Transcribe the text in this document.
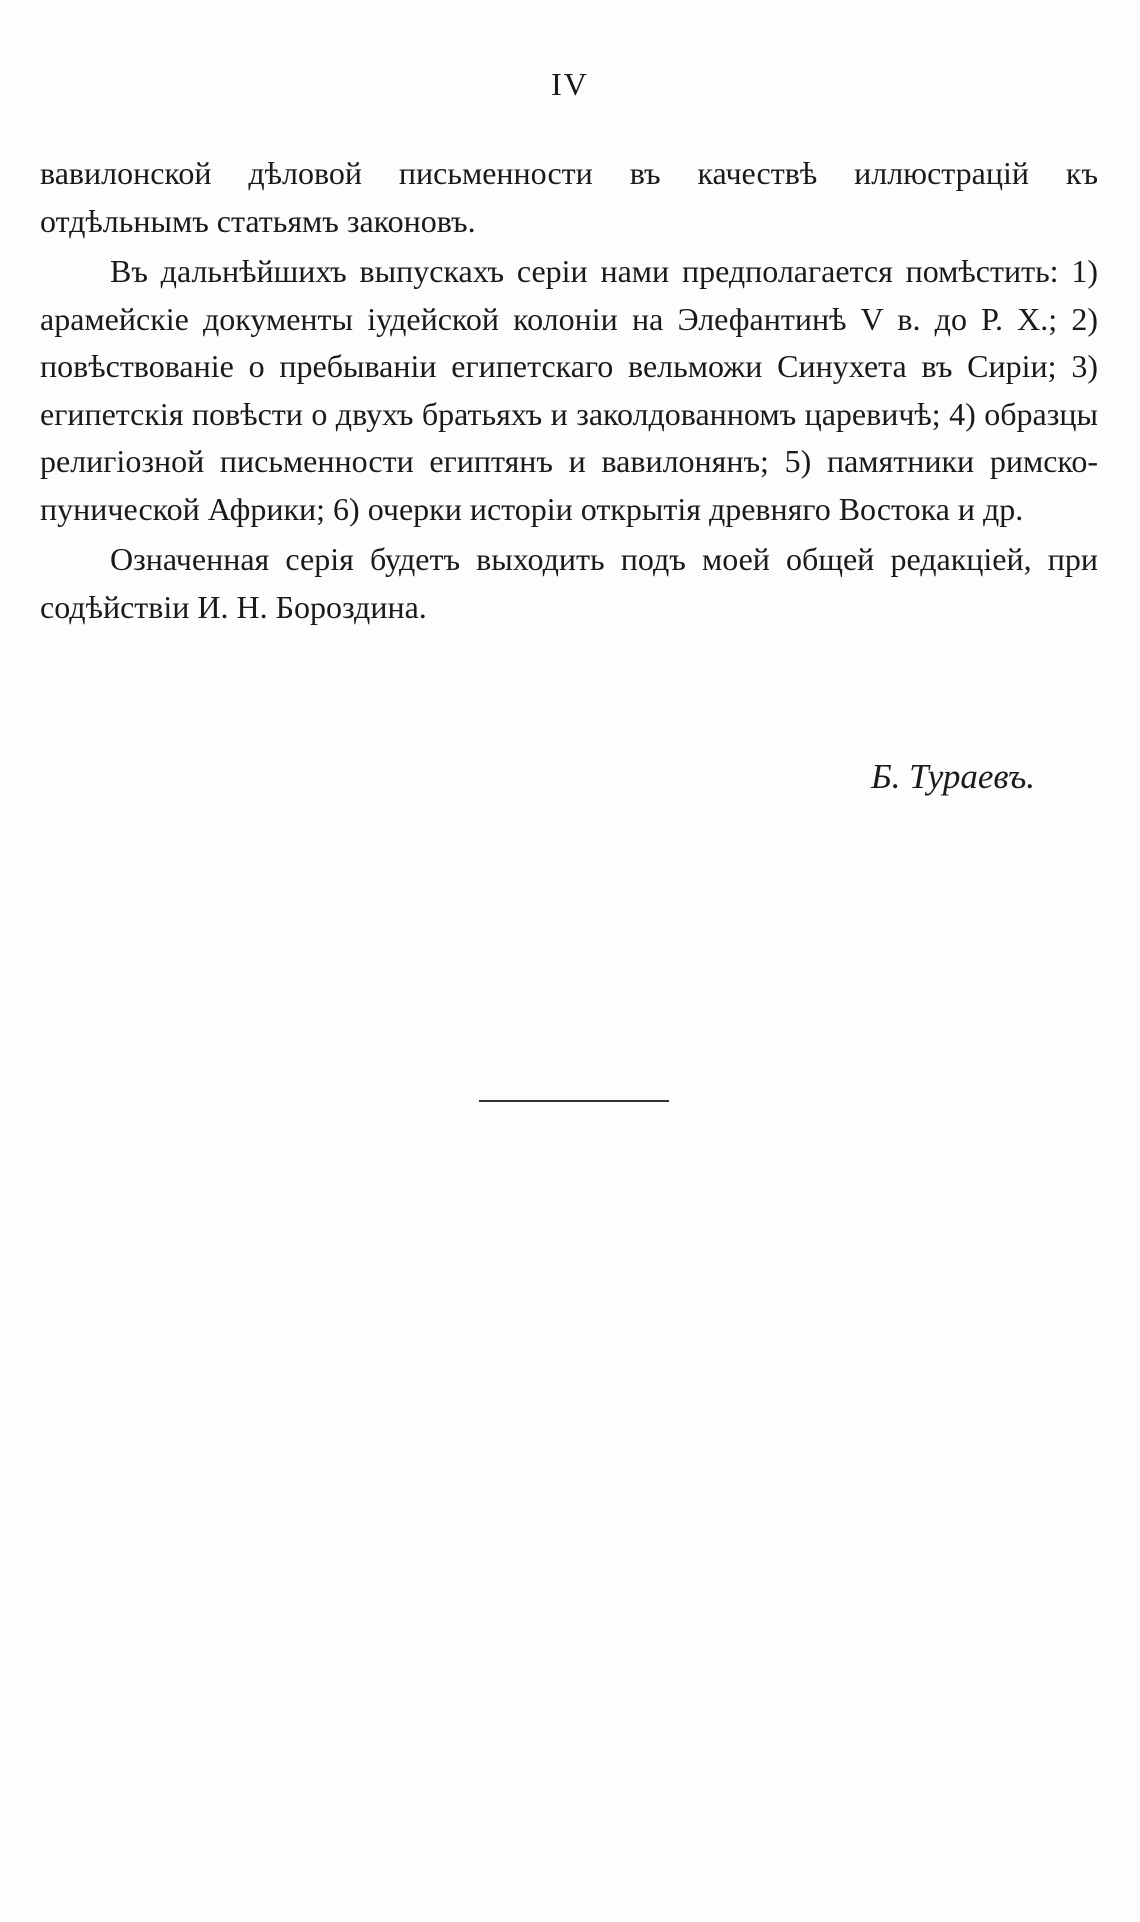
IV

вавилонской дѣловой письменности въ качествѣ иллюстрацій къ отдѣльнымъ статьямъ законовъ.

Въ дальнѣйшихъ выпускахъ серіи нами предполагается помѣстить: 1) арамейскіе документы іудейской колоніи на Элефантинѣ V в. до Р. X.; 2) повѣствованіе о пребываніи египетскаго вельможи Синухета въ Сиріи; 3) египетскія повѣсти о двухъ братьяхъ и заколдованномъ царевичѣ; 4) образцы религіозной письменности египтянъ и вавилонянъ; 5) памятники римско-пунической Африки; 6) очерки исторіи открытія древняго Востока и др.

Означенная серія будетъ выходить подъ моей общей редакціей, при содѣйствіи И. Н. Бороздина.

Б. Тураевъ.
